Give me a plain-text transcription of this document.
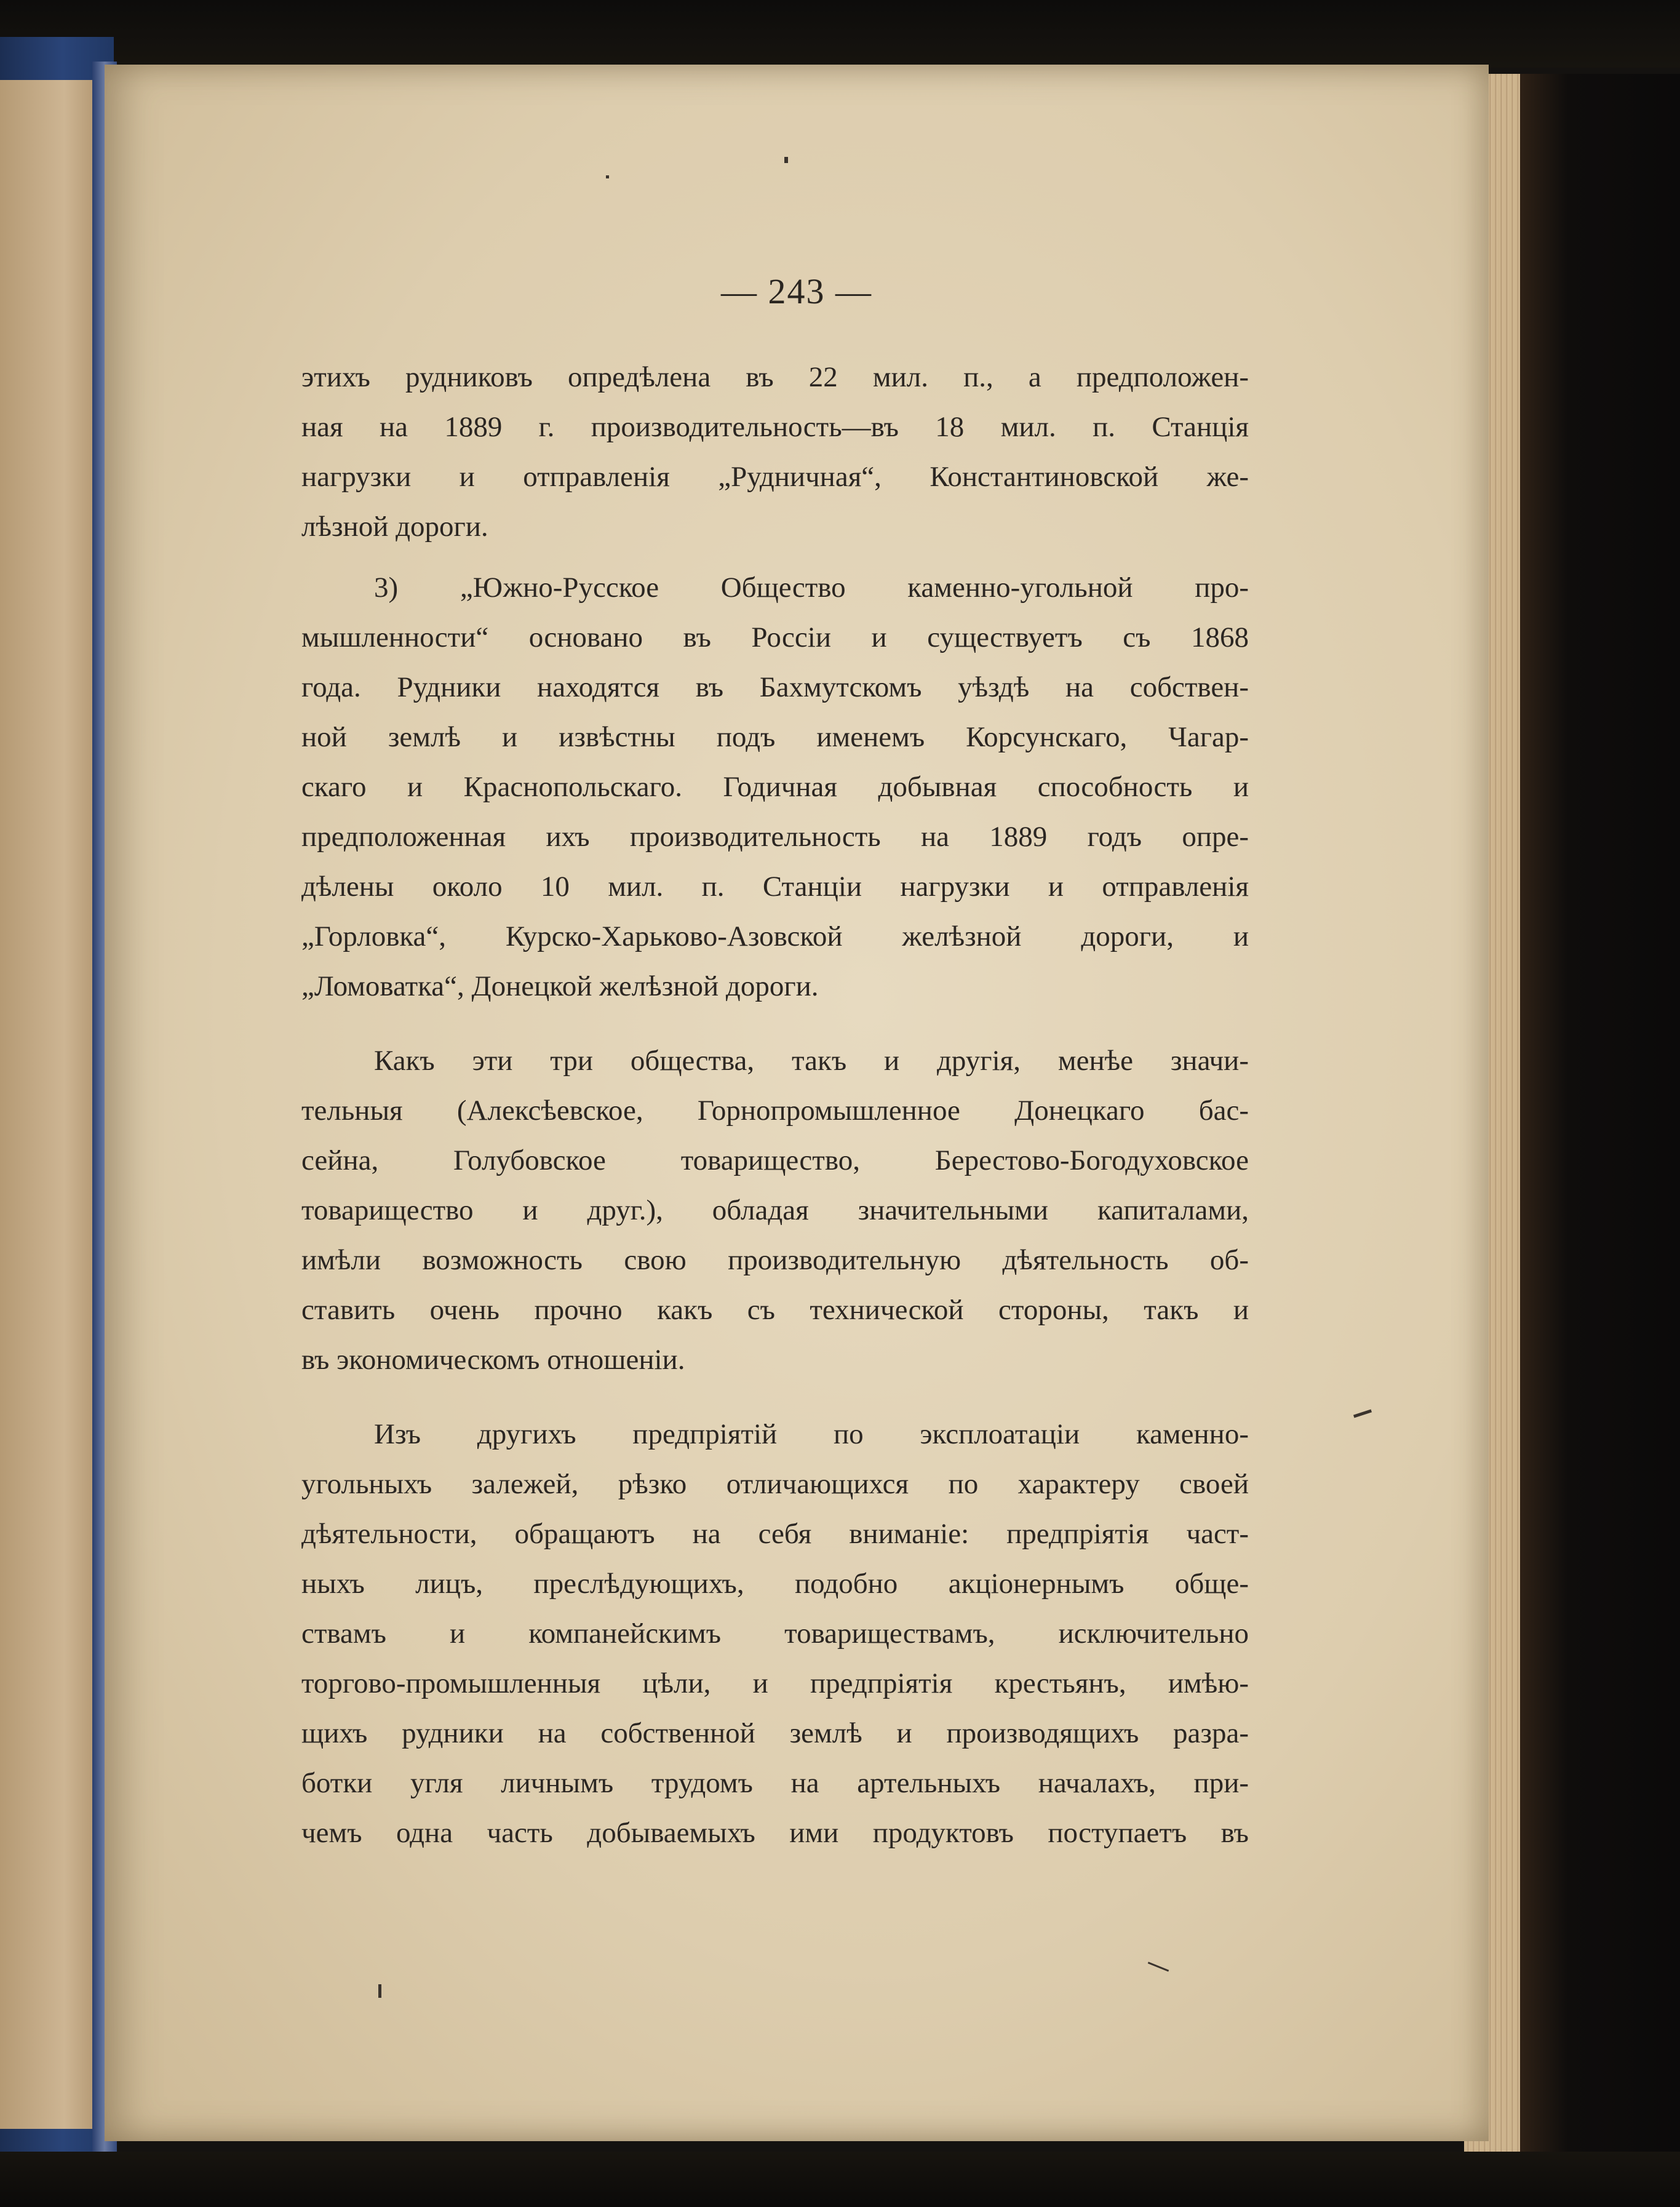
— 243 —

этихъ рудниковъ опредѣлена въ 22 мил. п., а предположен-
ная на 1889 г. производительность—въ 18 мил. п. Станція
нагрузки и отправленія „Рудничная“, Константиновской же-
лѣзной дороги.

3) „Южно-Русское Общество каменно-угольной про-
мышленности“ основано въ Россіи и существуетъ съ 1868
года. Рудники находятся въ Бахмутскомъ уѣздѣ на собствен-
ной землѣ и извѣстны подъ именемъ Корсунскаго, Чагар-
скаго и Краснопольскаго. Годичная добывная способность и
предположенная ихъ производительность на 1889 годъ опре-
дѣлены около 10 мил. п. Станціи нагрузки и отправленія
„Горловка“, Курско-Харьково-Азовской желѣзной дороги, и
„Ломоватка“, Донецкой желѣзной дороги.

Какъ эти три общества, такъ и другія, менѣе значи-
тельныя (Алексѣевское, Горнопромышленное Донецкаго бас-
сейна, Голубовское товарищество, Берестово-Богодуховское
товарищество и друг.), обладая значительными капиталами,
имѣли возможность свою производительную дѣятельность об-
ставить очень прочно какъ съ технической стороны, такъ и
въ экономическомъ отношеніи.

Изъ другихъ предпріятій по эксплоатаціи каменно-
угольныхъ залежей, рѣзко отличающихся по характеру своей
дѣятельности, обращаютъ на себя вниманіе: предпріятія част-
ныхъ лицъ, преслѣдующихъ, подобно акціонернымъ обще-
ствамъ и компанейскимъ товариществамъ, исключительно
торгово-промышленныя цѣли, и предпріятія крестьянъ, имѣю-
щихъ рудники на собственной землѣ и производящихъ разра-
ботки угля личнымъ трудомъ на артельныхъ началахъ, при-
чемъ одна часть добываемыхъ ими продуктовъ поступаетъ въ
